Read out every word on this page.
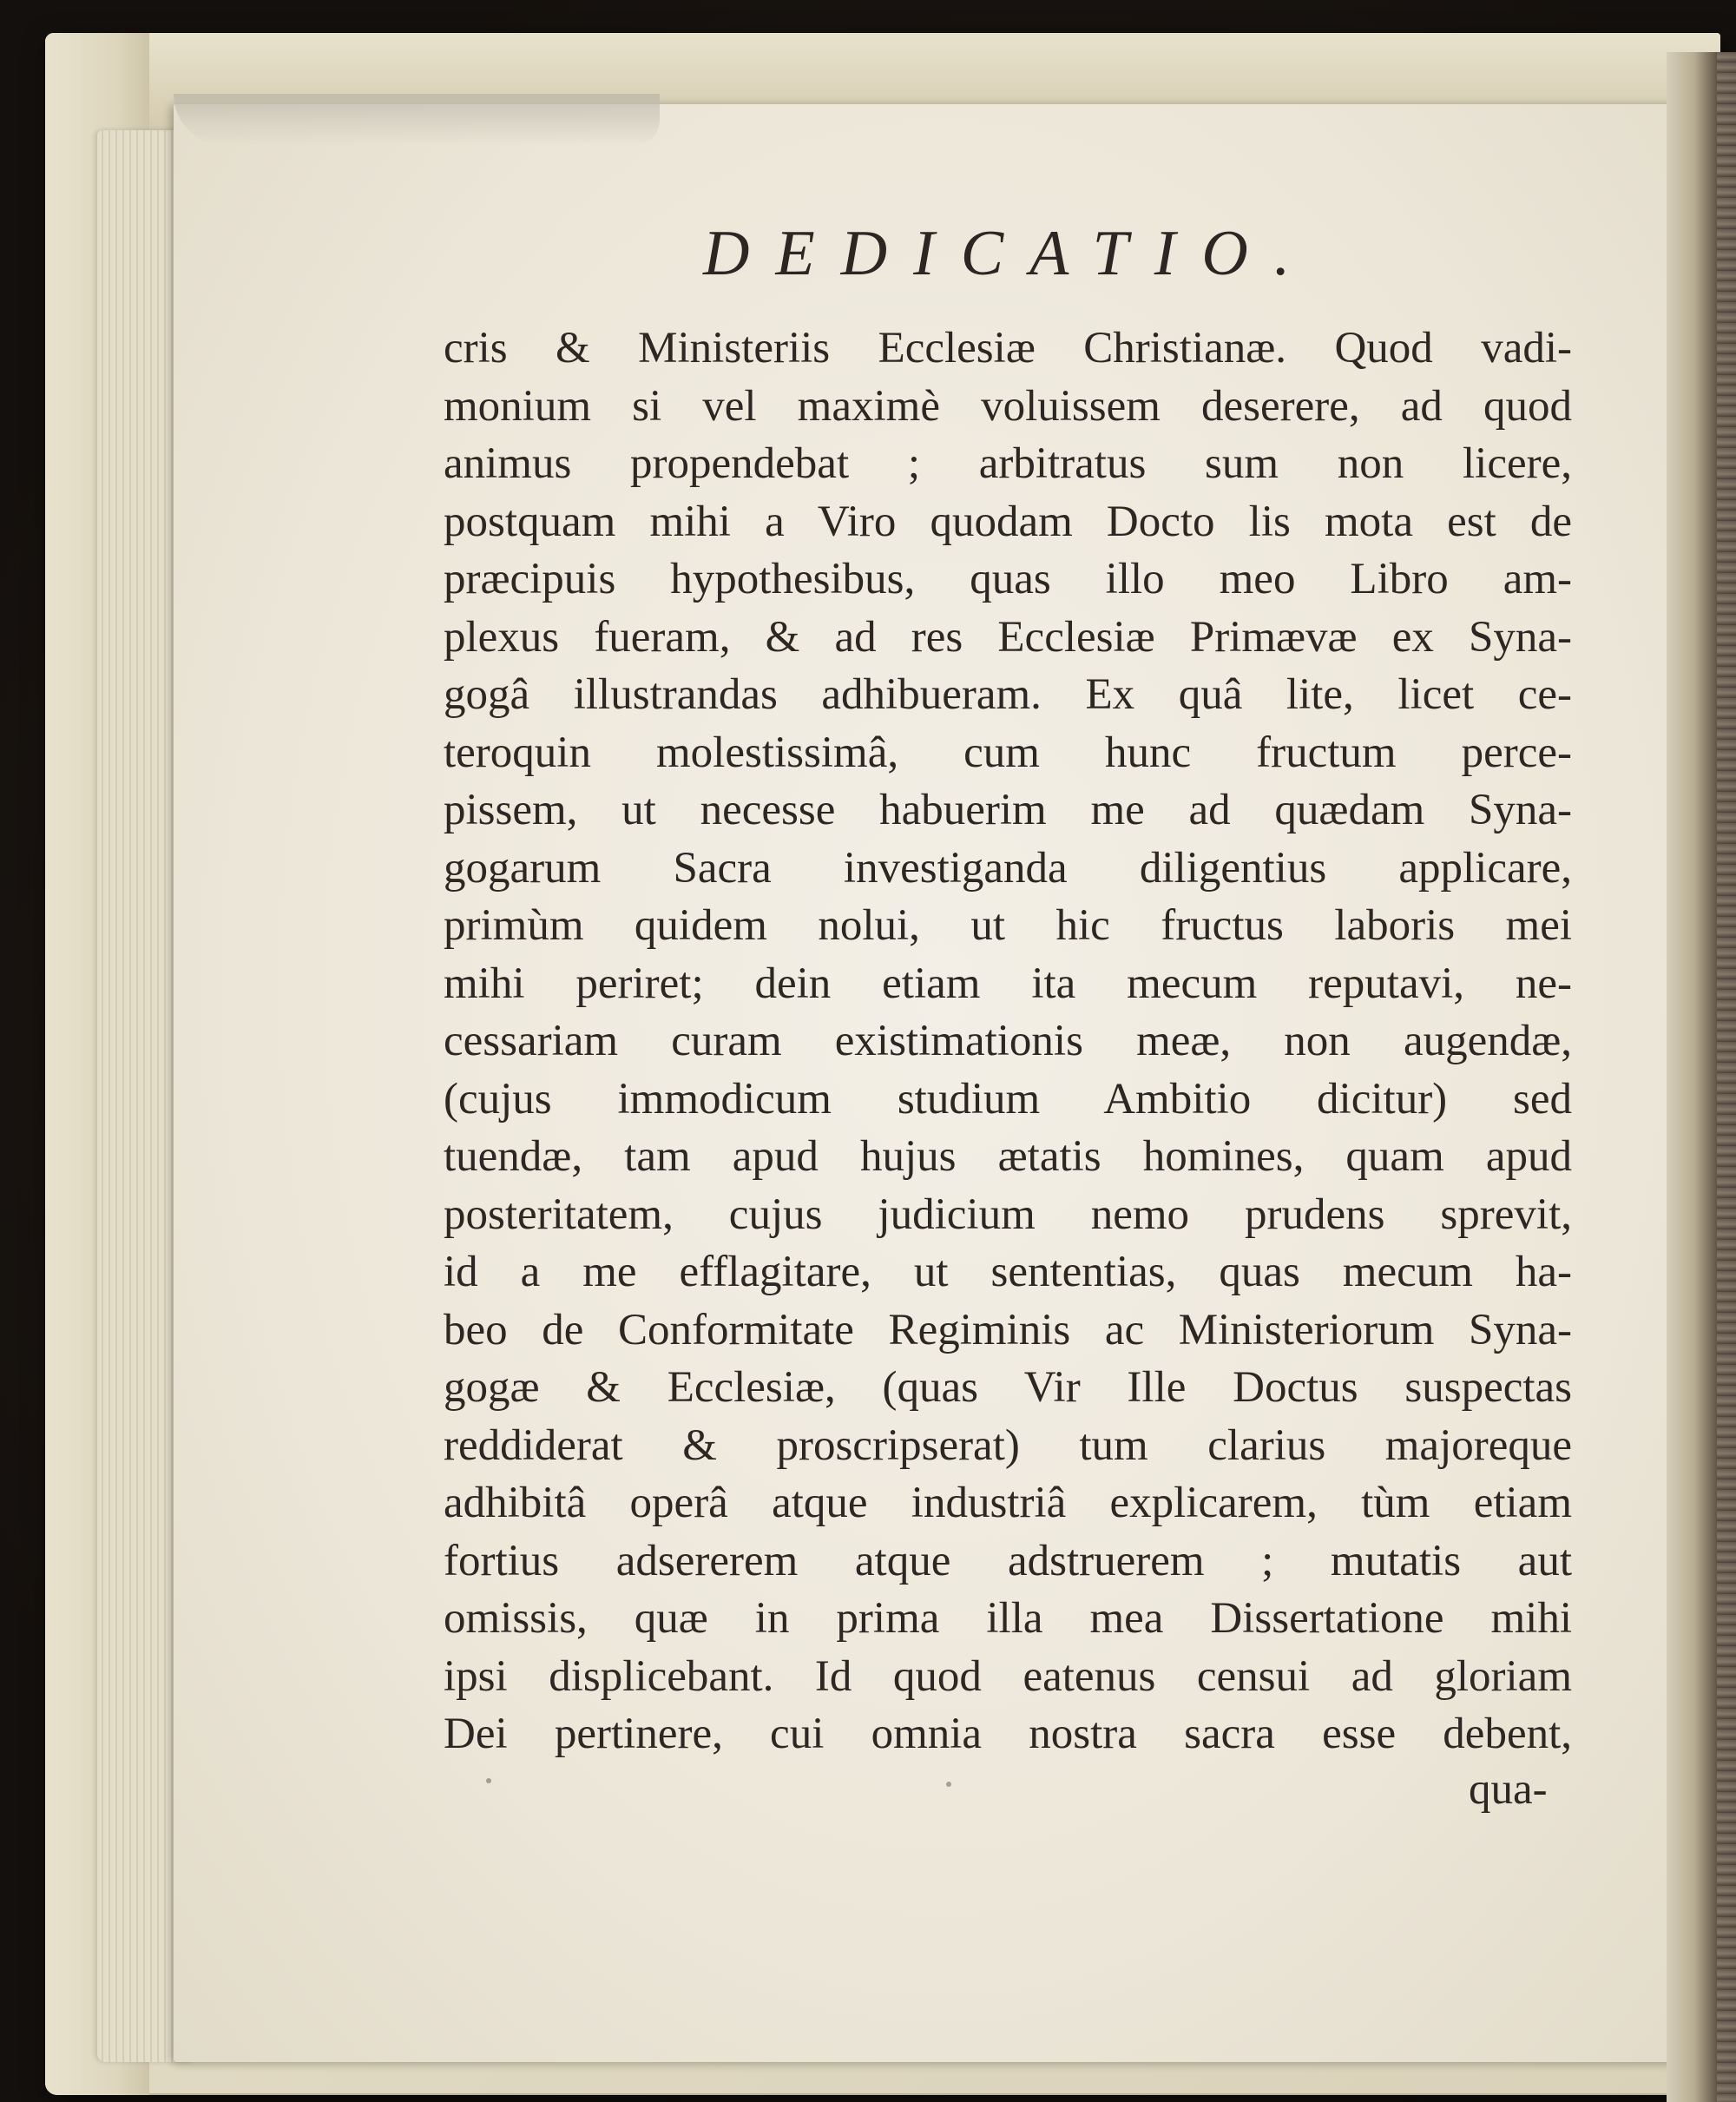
DEDICATIO.
cris & Ministeriis Ecclesiæ Christianæ. Quod vadi-
monium si vel maximè voluissem deserere, ad quod
animus propendebat ; arbitratus sum non licere,
postquam mihi a Viro quodam Docto lis mota est de
præcipuis hypothesibus, quas illo meo Libro am-
plexus fueram, & ad res Ecclesiæ Primævæ ex Syna-
gogâ illustrandas adhibueram. Ex quâ lite, licet ce-
teroquin molestissimâ, cum hunc fructum perce-
pissem, ut necesse habuerim me ad quædam Syna-
gogarum Sacra investiganda diligentius applicare,
primùm quidem nolui, ut hic fructus laboris mei
mihi periret; dein etiam ita mecum reputavi, ne-
cessariam curam existimationis meæ, non augendæ,
(cujus immodicum studium Ambitio dicitur) sed
tuendæ, tam apud hujus ætatis homines, quam apud
posteritatem, cujus judicium nemo prudens sprevit,
id a me efflagitare, ut sententias, quas mecum ha-
beo de Conformitate Regiminis ac Ministeriorum Syna-
gogæ & Ecclesiæ, (quas Vir Ille Doctus suspectas
reddiderat & proscripserat) tum clarius majoreque
adhibitâ operâ atque industriâ explicarem, tùm etiam
fortius adsererem atque adstruerem ; mutatis aut
omissis, quæ in prima illa mea Dissertatione mihi
ipsi displicebant. Id quod eatenus censui ad gloriam
Dei pertinere, cui omnia nostra sacra esse debent,
qua-
